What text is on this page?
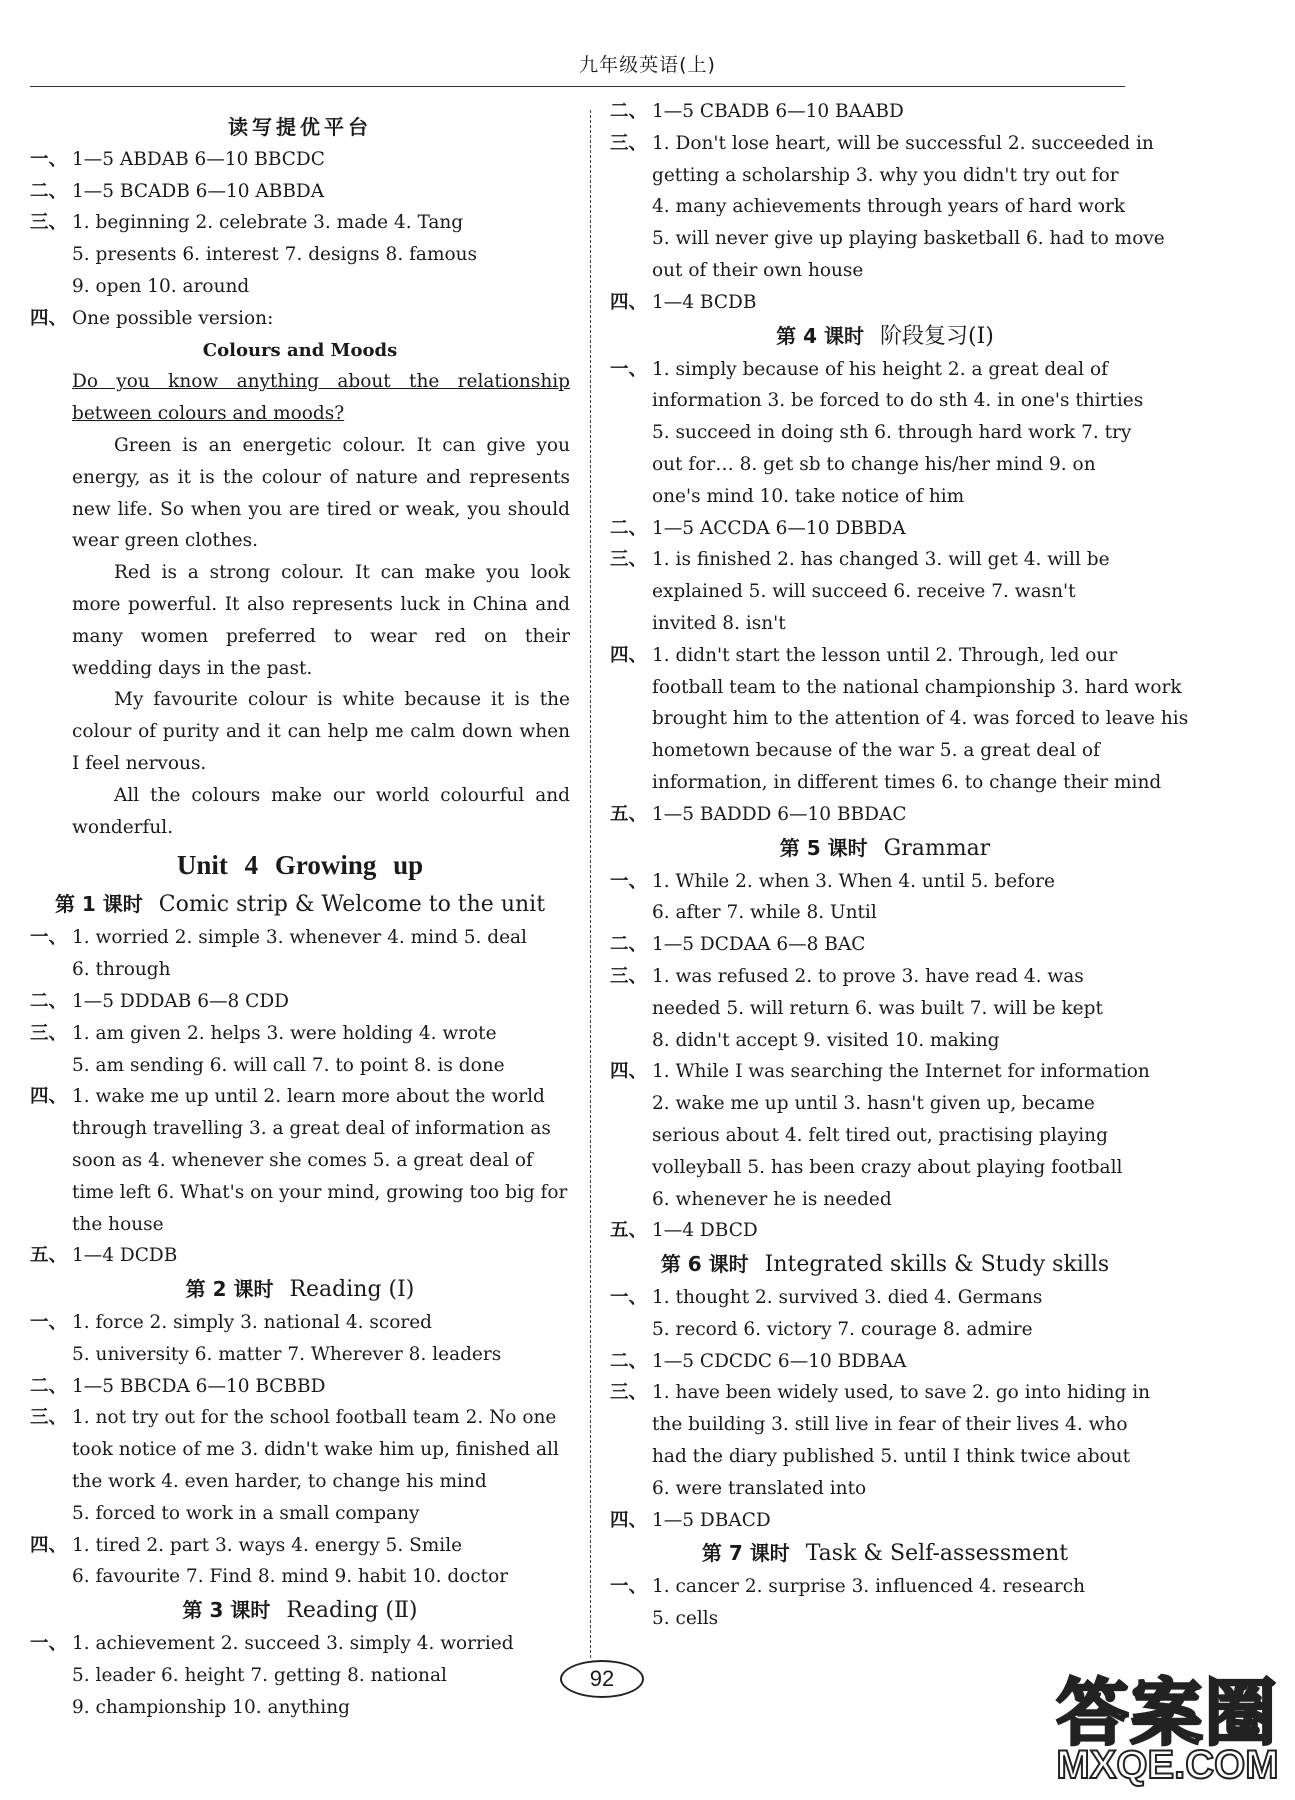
九年级英语(上)
读写提优平台
一、 1—5 ABDAB 6—10 BBCDC
二、 1—5 BCADB 6—10 ABBDA
三、 1. beginning 2. celebrate 3. made 4. Tang
5. presents 6. interest 7. designs 8. famous
9. open 10. around
四、 One possible version:
Colours and Moods
Do you know anything about the relationship between colours and moods?
Green is an energetic colour. It can give you energy, as it is the colour of nature and represents new life. So when you are tired or weak, you should wear green clothes.
Red is a strong colour. It can make you look more powerful. It also represents luck in China and many women preferred to wear red on their wedding days in the past.
My favourite colour is white because it is the colour of purity and it can help me calm down when I feel nervous.
All the colours make our world colourful and wonderful.
Unit 4 Growing up
第 1 课时 Comic strip & Welcome to the unit
一、 1. worried 2. simple 3. whenever 4. mind 5. deal
6. through
二、 1—5 DDDAB 6—8 CDD
三、 1. am given 2. helps 3. were holding 4. wrote
5. am sending 6. will call 7. to point 8. is done
四、 1. wake me up until 2. learn more about the world
through travelling 3. a great deal of information as
soon as 4. whenever she comes 5. a great deal of
time left 6. What's on your mind, growing too big for
the house
五、 1—4 DCDB
第 2 课时 Reading (Ⅰ)
一、 1. force 2. simply 3. national 4. scored
5. university 6. matter 7. Wherever 8. leaders
二、 1—5 BBCDA 6—10 BCBBD
三、 1. not try out for the school football team 2. No one
took notice of me 3. didn't wake him up, finished all
the work 4. even harder, to change his mind
5. forced to work in a small company
四、 1. tired 2. part 3. ways 4. energy 5. Smile
6. favourite 7. Find 8. mind 9. habit 10. doctor
第 3 课时 Reading (Ⅱ)
一、 1. achievement 2. succeed 3. simply 4. worried
5. leader 6. height 7. getting 8. national
9. championship 10. anything
二、 1—5 CBADB 6—10 BAABD
三、 1. Don't lose heart, will be successful 2. succeeded in
getting a scholarship 3. why you didn't try out for
4. many achievements through years of hard work
5. will never give up playing basketball 6. had to move
out of their own house
四、 1—4 BCDB
第 4 课时 阶段复习(Ⅰ)
一、 1. simply because of his height 2. a great deal of
information 3. be forced to do sth 4. in one's thirties
5. succeed in doing sth 6. through hard work 7. try
out for… 8. get sb to change his/her mind 9. on
one's mind 10. take notice of him
二、 1—5 ACCDA 6—10 DBBDA
三、 1. is finished 2. has changed 3. will get 4. will be
explained 5. will succeed 6. receive 7. wasn't
invited 8. isn't
四、 1. didn't start the lesson until 2. Through, led our
football team to the national championship 3. hard work
brought him to the attention of 4. was forced to leave his
hometown because of the war 5. a great deal of
information, in different times 6. to change their mind
五、 1—5 BADDD 6—10 BBDAC
第 5 课时 Grammar
一、 1. While 2. when 3. When 4. until 5. before
6. after 7. while 8. Until
二、 1—5 DCDAA 6—8 BAC
三、 1. was refused 2. to prove 3. have read 4. was
needed 5. will return 6. was built 7. will be kept
8. didn't accept 9. visited 10. making
四、 1. While I was searching the Internet for information
2. wake me up until 3. hasn't given up, became
serious about 4. felt tired out, practising playing
volleyball 5. has been crazy about playing football
6. whenever he is needed
五、 1—4 DBCD
第 6 课时 Integrated skills & Study skills
一、 1. thought 2. survived 3. died 4. Germans
5. record 6. victory 7. courage 8. admire
二、 1—5 CDCDC 6—10 BDBAA
三、 1. have been widely used, to save 2. go into hiding in
the building 3. still live in fear of their lives 4. who
had the diary published 5. until I think twice about
6. were translated into
四、 1—5 DBACD
第 7 课时 Task & Self-assessment
一、 1. cancer 2. surprise 3. influenced 4. research
5. cells
92	答案圈
MXQE.COM
